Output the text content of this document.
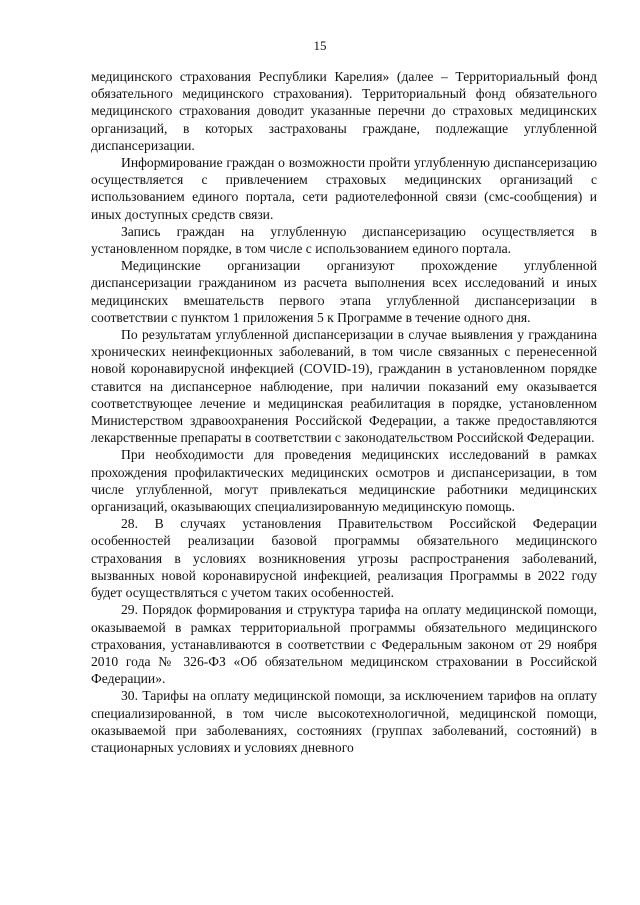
15

медицинского страхования Республики Карелия» (далее – Территориальный фонд обязательного медицинского страхования). Территориальный фонд обязательного медицинского страхования доводит указанные перечни до страховых медицинских организаций, в которых застрахованы граждане, подлежащие углубленной диспансеризации.

Информирование граждан о возможности пройти углубленную диспансеризацию осуществляется с привлечением страховых медицинских организаций с использованием единого портала, сети радиотелефонной связи (смс-сообщения) и иных доступных средств связи.

Запись граждан на углубленную диспансеризацию осуществляется в установленном порядке, в том числе с использованием единого портала.

Медицинские организации организуют прохождение углубленной диспансеризации гражданином из расчета выполнения всех исследований и иных медицинских вмешательств первого этапа углубленной диспансеризации в соответствии с пунктом 1 приложения 5 к Программе в течение одного дня.

По результатам углубленной диспансеризации в случае выявления у гражданина хронических неинфекционных заболеваний, в том числе связанных с перенесенной новой коронавирусной инфекцией (COVID-19), гражданин в установленном порядке ставится на диспансерное наблюдение, при наличии показаний ему оказывается соответствующее лечение и медицинская реабилитация в порядке, установленном Министерством здравоохранения Российской Федерации, а также предоставляются лекарственные препараты в соответствии с законодательством Российской Федерации.

При необходимости для проведения медицинских исследований в рамках прохождения профилактических медицинских осмотров и диспансеризации, в том числе углубленной, могут привлекаться медицинские работники медицинских организаций, оказывающих специализированную медицинскую помощь.

28. В случаях установления Правительством Российской Федерации особенностей реализации базовой программы обязательного медицинского страхования в условиях возникновения угрозы распространения заболеваний, вызванных новой коронавирусной инфекцией, реализация Программы в 2022 году будет осуществляться с учетом таких особенностей.

29. Порядок формирования и структура тарифа на оплату медицинской помощи, оказываемой в рамках территориальной программы обязательного медицинского страхования, устанавливаются в соответствии с Федеральным законом от 29 ноября 2010 года № 326-ФЗ «Об обязательном медицинском страховании в Российской Федерации».

30. Тарифы на оплату медицинской помощи, за исключением тарифов на оплату специализированной, в том числе высокотехнологичной, медицинской помощи, оказываемой при заболеваниях, состояниях (группах заболеваний, состояний) в стационарных условиях и условиях дневного
